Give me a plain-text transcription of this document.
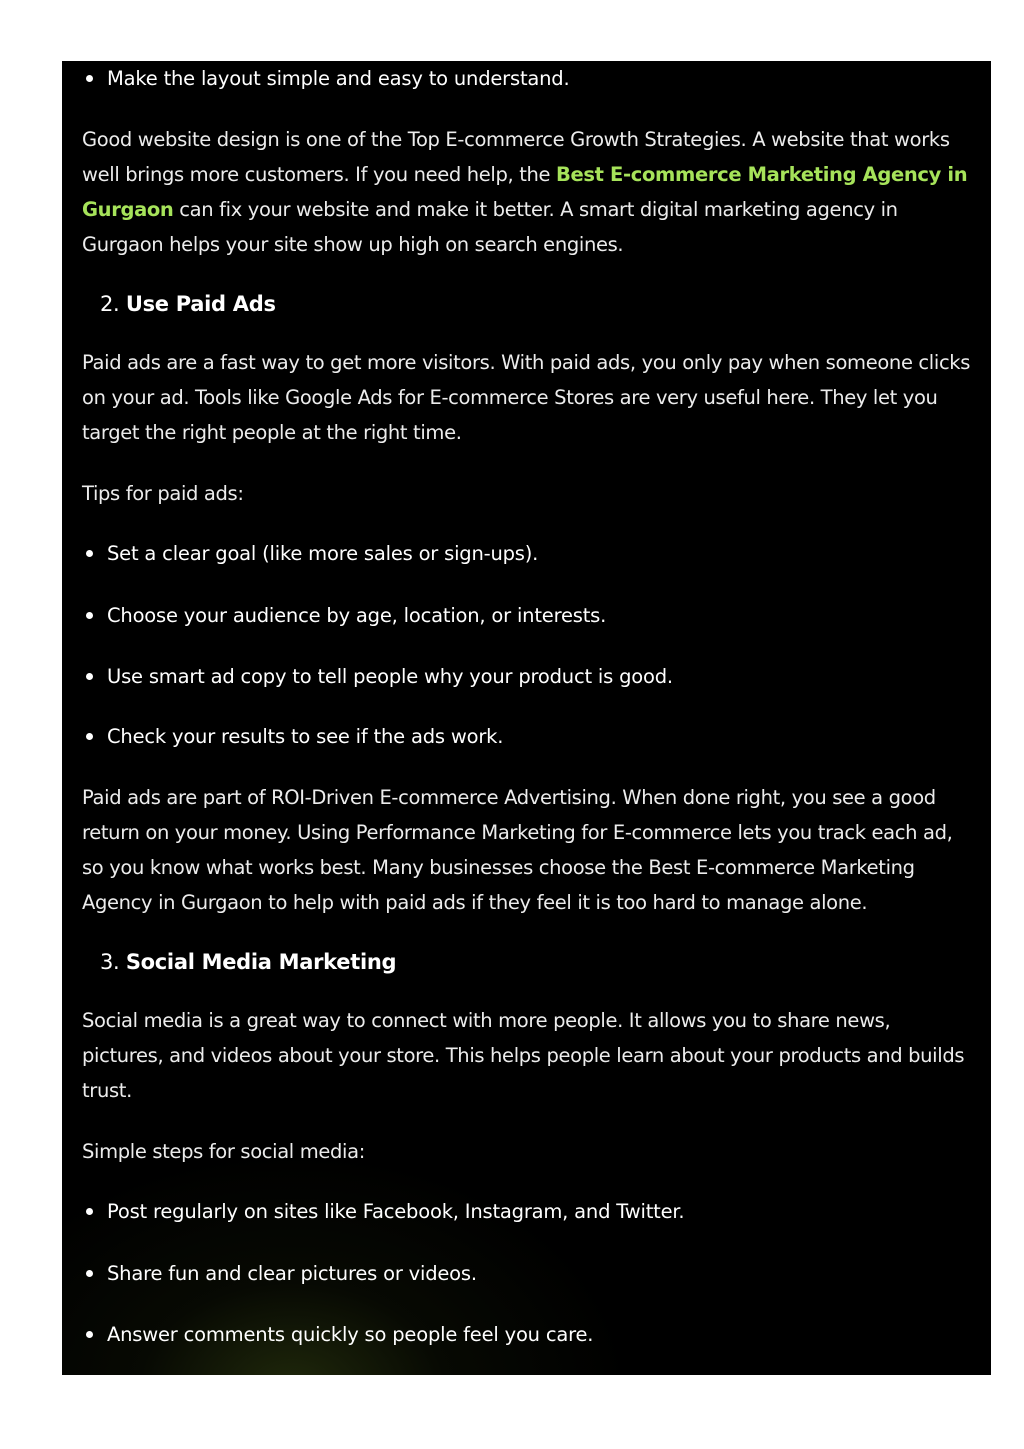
Make the layout simple and easy to understand.

Good website design is one of the Top E-commerce Growth Strategies. A website that works well brings more customers. If you need help, the Best E-commerce Marketing Agency in Gurgaon can fix your website and make it better. A smart digital marketing agency in Gurgaon helps your site show up high on search engines.

2. Use Paid Ads

Paid ads are a fast way to get more visitors. With paid ads, you only pay when someone clicks on your ad. Tools like Google Ads for E-commerce Stores are very useful here. They let you target the right people at the right time.

Tips for paid ads:

Set a clear goal (like more sales or sign-ups).
Choose your audience by age, location, or interests.
Use smart ad copy to tell people why your product is good.
Check your results to see if the ads work.

Paid ads are part of ROI-Driven E-commerce Advertising. When done right, you see a good return on your money. Using Performance Marketing for E-commerce lets you track each ad, so you know what works best. Many businesses choose the Best E-commerce Marketing Agency in Gurgaon to help with paid ads if they feel it is too hard to manage alone.

3. Social Media Marketing

Social media is a great way to connect with more people. It allows you to share news, pictures, and videos about your store. This helps people learn about your products and builds trust.

Simple steps for social media:

Post regularly on sites like Facebook, Instagram, and Twitter.
Share fun and clear pictures or videos.
Answer comments quickly so people feel you care.
